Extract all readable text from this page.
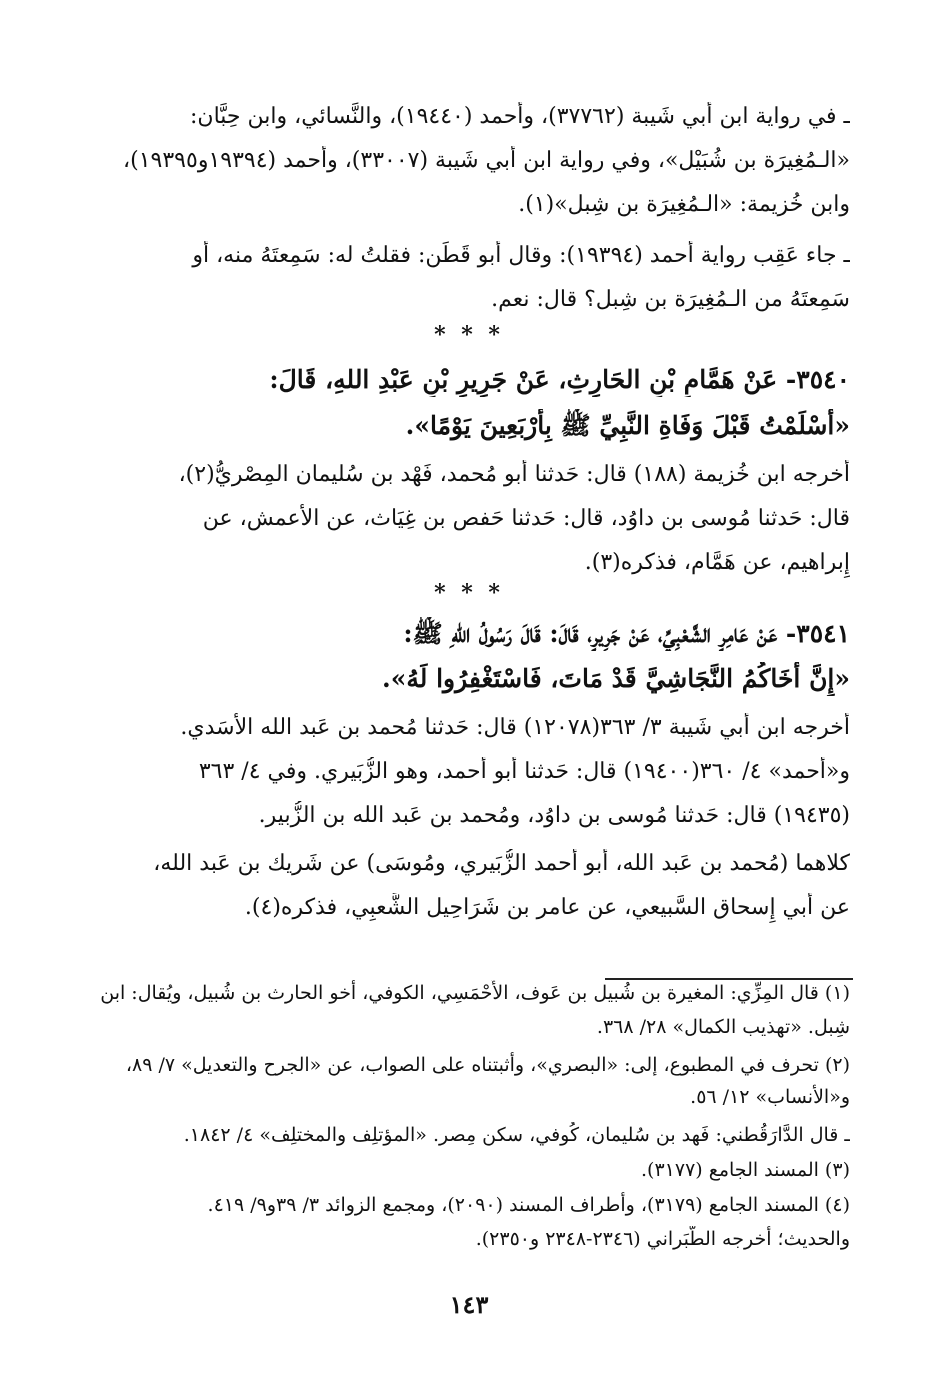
ـ في رواية ابن أبي شَيبة (٣٧٧٦٢)، وأحمد (١٩٤٤٠)، والنَّسائي، وابن حِبَّان:
«الـمُغِيرَة بن شُبَيْل»، وفي رواية ابن أبي شَيبة (٣٣٠٠٧)، وأحمد (١٩٣٩٤و١٩٣٩٥)،
وابن خُزيمة: «الـمُغِيرَة بن شِبل»(١).
ـ جاء عَقِب رواية أحمد (١٩٣٩٤): وقال أبو قَطَن: فقلتُ له: سَمِعتَهُ منه، أو
سَمِعتَهُ من الـمُغِيرَة بن شِبل؟ قال: نعم.
* * *
٣٥٤٠- عَنْ هَمَّامِ بْنِ الحَارِثِ، عَنْ جَرِيرِ بْنِ عَبْدِ اللهِ، قَالَ:
«أَسْلَمْتُ قَبْلَ وَفَاةِ النَّبِيِّ ﷺ بِأَرْبَعِينَ يَوْمًا».
أخرجه ابن خُزيمة (١٨٨) قال: حَدثنا أبو مُحمد، فَهْد بن سُليمان المِصْريُّ(٢)،
قال: حَدثنا مُوسى بن داوُد، قال: حَدثنا حَفص بن غِيَاث، عن الأَعمش، عن
إِبراهيم، عن هَمَّام، فذكره(٣).
* * *
٣٥٤١- عَنْ عَامِرٍ الشَّعْبِيِّ، عَنْ جَرِيرٍ، قَالَ: قَالَ رَسُولُ اللهِ ﷺ:
«إِنَّ أَخَاكُمُ النَّجَاشِيَّ قَدْ مَاتَ، فَاسْتَغْفِرُوا لَهُ».
أخرجه ابن أبي شَيبة ٣/ ٣٦٣(١٢٠٧٨) قال: حَدثنا مُحمد بن عَبد الله الأَسَدي.
و«أحمد» ٤/ ٣٦٠(١٩٤٠٠) قال: حَدثنا أبو أحمد، وهو الزُّبَيري. وفي ٤/ ٣٦٣
(١٩٤٣٥) قال: حَدثنا مُوسى بن داوُد، ومُحمد بن عَبد الله بن الزُّبير.
كلاهما (مُحمد بن عَبد الله، أبو أحمد الزُّبَيري، ومُوسَى) عن شَريك بن عَبد الله،
عن أبي إِسحاق السَّبيعي، عن عامر بن شَرَاحِيل الشَّعبِي، فذكره(٤).
(١) قال المِزِّي: المغيرة بن شُبيل بن عَوف، الأَحْمَسِي، الكوفي، أخو الحارث بن شُبيل، ويُقال: ابن
شِبل. «تهذيب الكمال» ٢٨/ ٣٦٨.
(٢) تحرف في المطبوع، إلى: «البصري»، وأثبتناه على الصواب، عن «الجرح والتعديل» ٧/ ٨٩،
و«الأنساب» ١٢/ ٥٦.
ـ قال الدَّارَقُطني: فَهد بن سُليمان، كُوفي، سكن مِصر. «المؤتلِف والمختلِف» ٤/ ١٨٤٢.
(٣) المسند الجامع (٣١٧٧).
(٤) المسند الجامع (٣١٧٩)، وأطراف المسند (٢٠٩٠)، ومجمع الزوائد ٣/ ٣٩و٩/ ٤١٩.
والحديث؛ أخرجه الطَّبَراني (٢٣٤٦-٢٣٤٨ و٢٣٥٠).
١٤٣
